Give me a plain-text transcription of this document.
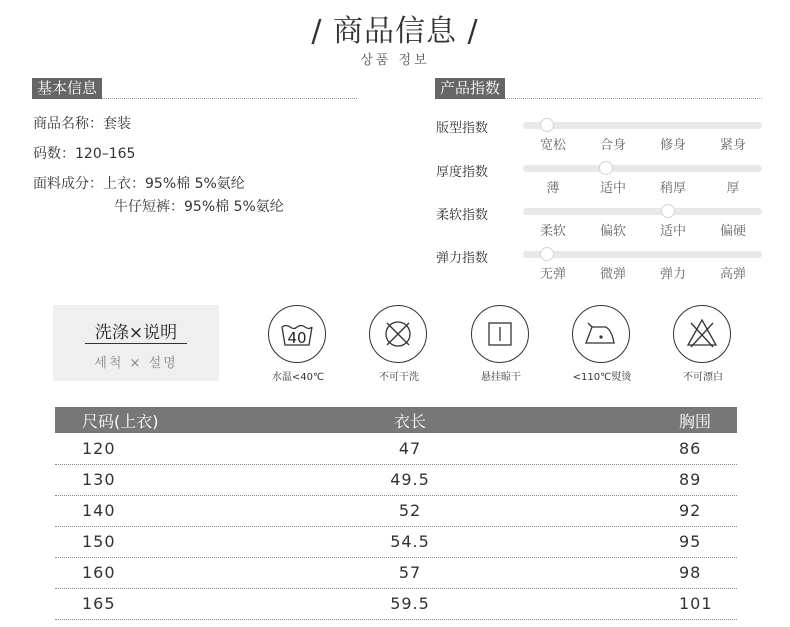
/ 商品信息 /
상품 정보
基本信息
商品名称：套装
码数：120–165
面料成分：上衣：95%棉 5%氨纶
牛仔短裤：95%棉 5%氨纶
产品指数
版型指数
宽松	合身	修身	紧身
厚度指数
薄	适中	稍厚	厚
柔软指数
柔软	偏软	适中	偏硬
弹力指数
无弹	微弹	弹力	高弹
洗涤×说明
세척 × 설명
40
水温<40℃	不可干洗	悬挂晾干	<110℃熨烫	不可漂白
尺码(上衣)	衣长	胸围
120	47	86
130	49.5	89
140	52	92
150	54.5	95
160	57	98
165	59.5	101
